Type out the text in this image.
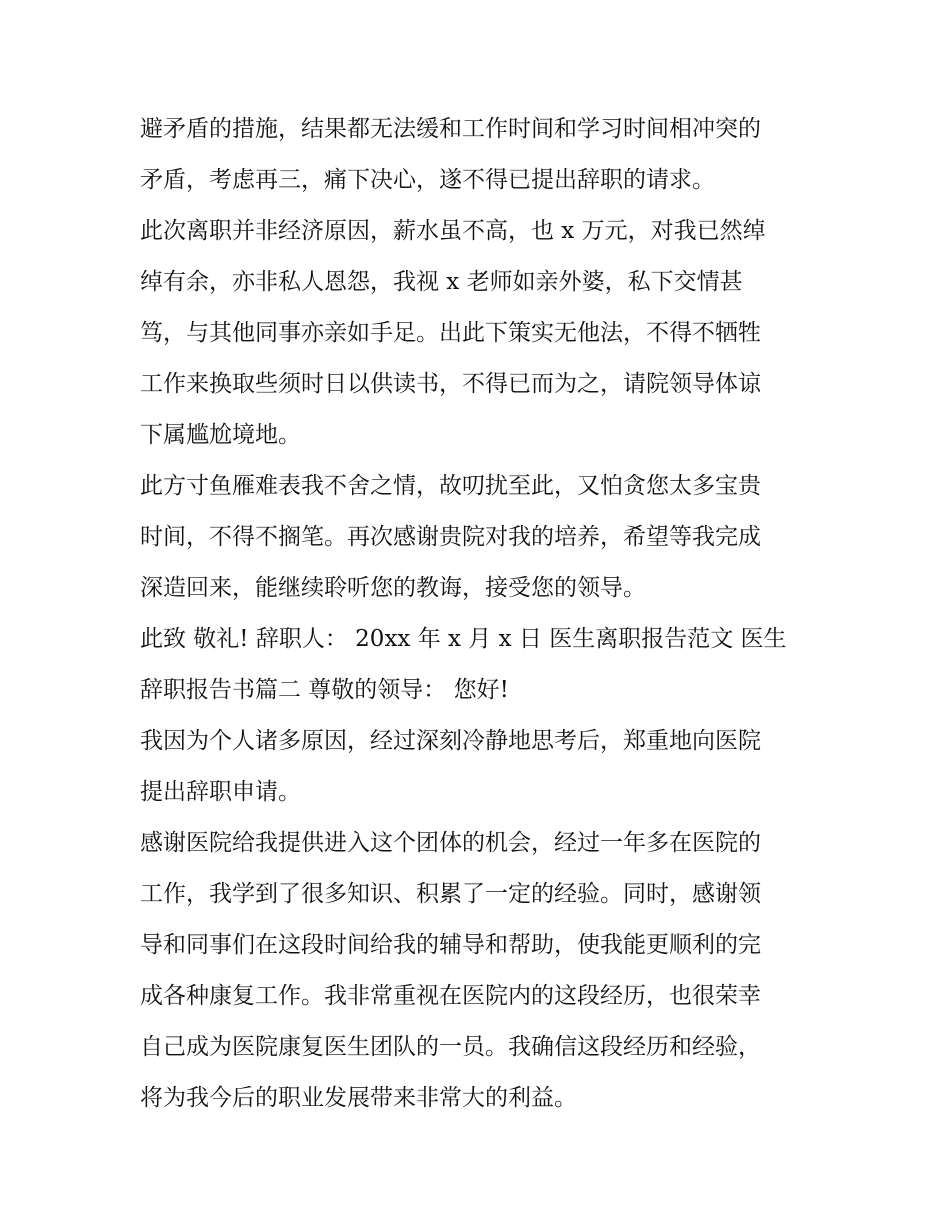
避矛盾的措施，结果都无法缓和工作时间和学习时间相冲突的
矛盾，考虑再三，痛下决心，遂不得已提出辞职的请求。
此次离职并非经济原因，薪水虽不高，也 x 万元，对我已然绰
绰有余，亦非私人恩怨，我视 x 老师如亲外婆，私下交情甚
笃，与其他同事亦亲如手足。出此下策实无他法，不得不牺牲
工作来换取些须时日以供读书，不得已而为之，请院领导体谅
下属尴尬境地。
此方寸鱼雁难表我不舍之情，故叨扰至此，又怕贪您太多宝贵
时间，不得不搁笔。再次感谢贵院对我的培养，希望等我完成
深造回来，能继续聆听您的教诲，接受您的领导。
此致 敬礼! 辞职人： 20xx 年 x 月 x 日 医生离职报告范文 医生
辞职报告书篇二 尊敬的领导： 您好!
我因为个人诸多原因，经过深刻冷静地思考后，郑重地向医院
提出辞职申请。
感谢医院给我提供进入这个团体的机会，经过一年多在医院的
工作，我学到了很多知识、积累了一定的经验。同时，感谢领
导和同事们在这段时间给我的辅导和帮助，使我能更顺利的完
成各种康复工作。我非常重视在医院内的这段经历，也很荣幸
自己成为医院康复医生团队的一员。我确信这段经历和经验，
将为我今后的职业发展带来非常大的利益。
